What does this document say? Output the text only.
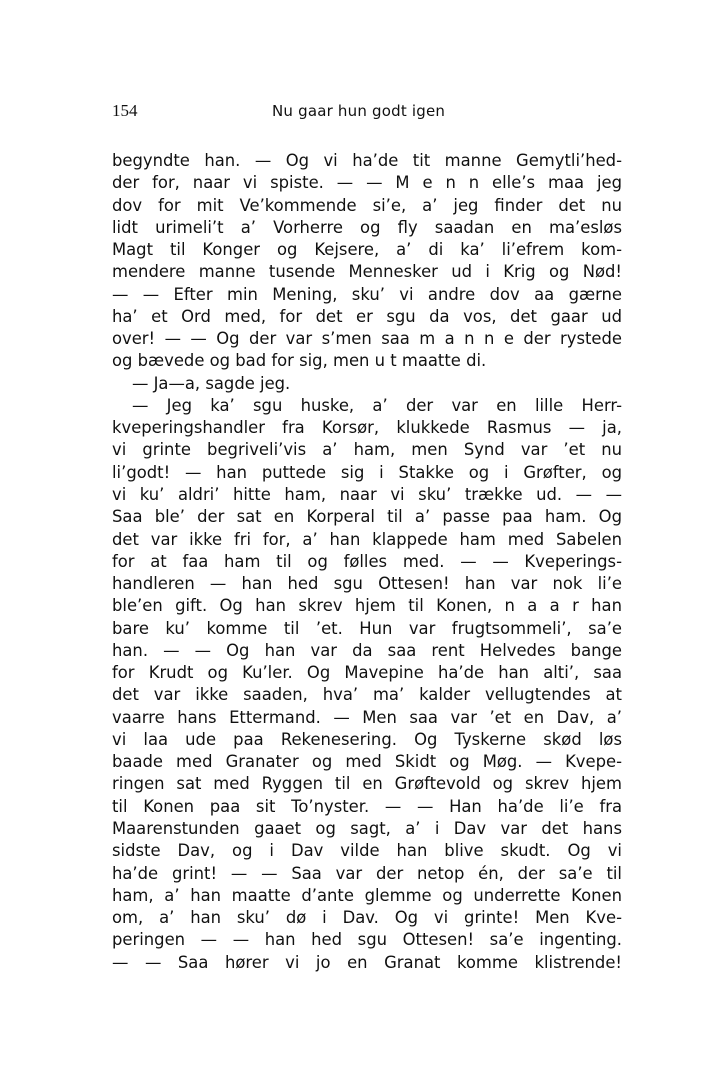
154	Nu gaar hun godt igen
begyndte han. — Og vi ha’de tit manne Gemytli’hed-
der for, naar vi spiste. — — M e n n elle’s maa jeg
dov for mit Ve’kommende si’e, a’ jeg finder det nu
lidt urimeli’t a’ Vorherre og fly saadan en ma’esløs
Magt til Konger og Kejsere, a’ di ka’ li’efrem kom-
mendere manne tusende Mennesker ud i Krig og Nød!
— — Efter min Mening, sku’ vi andre dov aa gærne
ha’ et Ord med, for det er sgu da vos, det gaar ud
over! — — Og der var s’men saa m a n n e der rystede
og bævede og bad for sig, men u t maatte di.
— Ja—a, sagde jeg.
— Jeg ka’ sgu huske, a’ der var en lille Herr-
kveperingshandler fra Korsør, klukkede Rasmus — ja,
vi grinte begriveli’vis a’ ham, men Synd var ’et nu
li’godt! — han puttede sig i Stakke og i Grøfter, og
vi ku’ aldri’ hitte ham, naar vi sku’ trække ud. — —
Saa ble’ der sat en Korperal til a’ passe paa ham. Og
det var ikke fri for, a’ han klappede ham med Sabelen
for at faa ham til og følles med. — — Kveperings-
handleren — han hed sgu Ottesen! han var nok li’e
ble’en gift. Og han skrev hjem til Konen, n a a r han
bare ku’ komme til ’et. Hun var frugtsommeli’, sa’e
han. — — Og han var da saa rent Helvedes bange
for Krudt og Ku’ler. Og Mavepine ha’de han alti’, saa
det var ikke saaden, hva’ ma’ kalder vellugtendes at
vaarre hans Ettermand. — Men saa var ’et en Dav, a’
vi laa ude paa Rekenesering. Og Tyskerne skød løs
baade med Granater og med Skidt og Møg. — Kvepe-
ringen sat med Ryggen til en Grøftevold og skrev hjem
til Konen paa sit To’nyster. — — Han ha’de li’e fra
Maarenstunden gaaet og sagt, a’ i Dav var det hans
sidste Dav, og i Dav vilde han blive skudt. Og vi
ha’de grint! — — Saa var der netop én, der sa’e til
ham, a’ han maatte d’ante glemme og underrette Konen
om, a’ han sku’ dø i Dav. Og vi grinte! Men Kve-
peringen — — han hed sgu Ottesen! sa’e ingenting.
— — Saa hører vi jo en Granat komme klistrende!
